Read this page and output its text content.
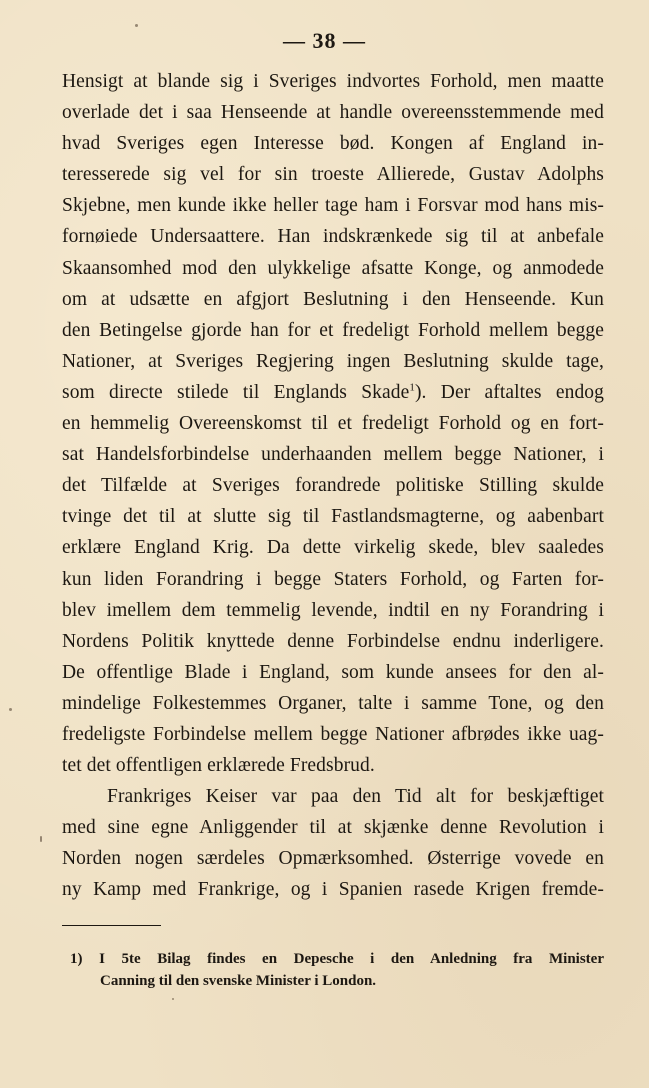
— 38 —
Hensigt at blande sig i Sveriges indvortes Forhold, men maatte
overlade det i saa Henseende at handle overeensstemmende med
hvad Sveriges egen Interesse bød. Kongen af England in-
teresserede sig vel for sin troeste Allierede, Gustav Adolphs
Skjebne, men kunde ikke heller tage ham i Forsvar mod hans mis-
fornøiede Undersaattere. Han indskrænkede sig til at anbefale
Skaansomhed mod den ulykkelige afsatte Konge, og anmodede
om at udsætte en afgjort Beslutning i den Henseende. Kun
den Betingelse gjorde han for et fredeligt Forhold mellem begge
Nationer, at Sveriges Regjering ingen Beslutning skulde tage,
som directe stilede til Englands Skade$^1$). Der aftaltes endog
en hemmelig Overeenskomst til et fredeligt Forhold og en fort-
sat Handelsforbindelse underhaanden mellem begge Nationer, i
det Tilfælde at Sveriges forandrede politiske Stilling skulde
tvinge det til at slutte sig til Fastlandsmagterne, og aabenbart
erklære England Krig. Da dette virkelig skede, blev saaledes
kun liden Forandring i begge Staters Forhold, og Farten for-
blev imellem dem temmelig levende, indtil en ny Forandring i
Nordens Politik knyttede denne Forbindelse endnu inderligere.
De offentlige Blade i England, som kunde ansees for den al-
mindelige Folkestemmes Organer, talte i samme Tone, og den
fredeligste Forbindelse mellem begge Nationer afbrødes ikke uag-
tet det offentligen erklærede Fredsbrud.
Frankriges Keiser var paa den Tid alt for beskjæftiget
med sine egne Anliggender til at skjænke denne Revolution i
Norden nogen særdeles Opmærksomhed. Østerrige vovede en
ny Kamp med Frankrige, og i Spanien rasede Krigen fremde-
1) I 5te Bilag findes en Depesche i den Anledning fra Minister
Canning til den svenske Minister i London.
